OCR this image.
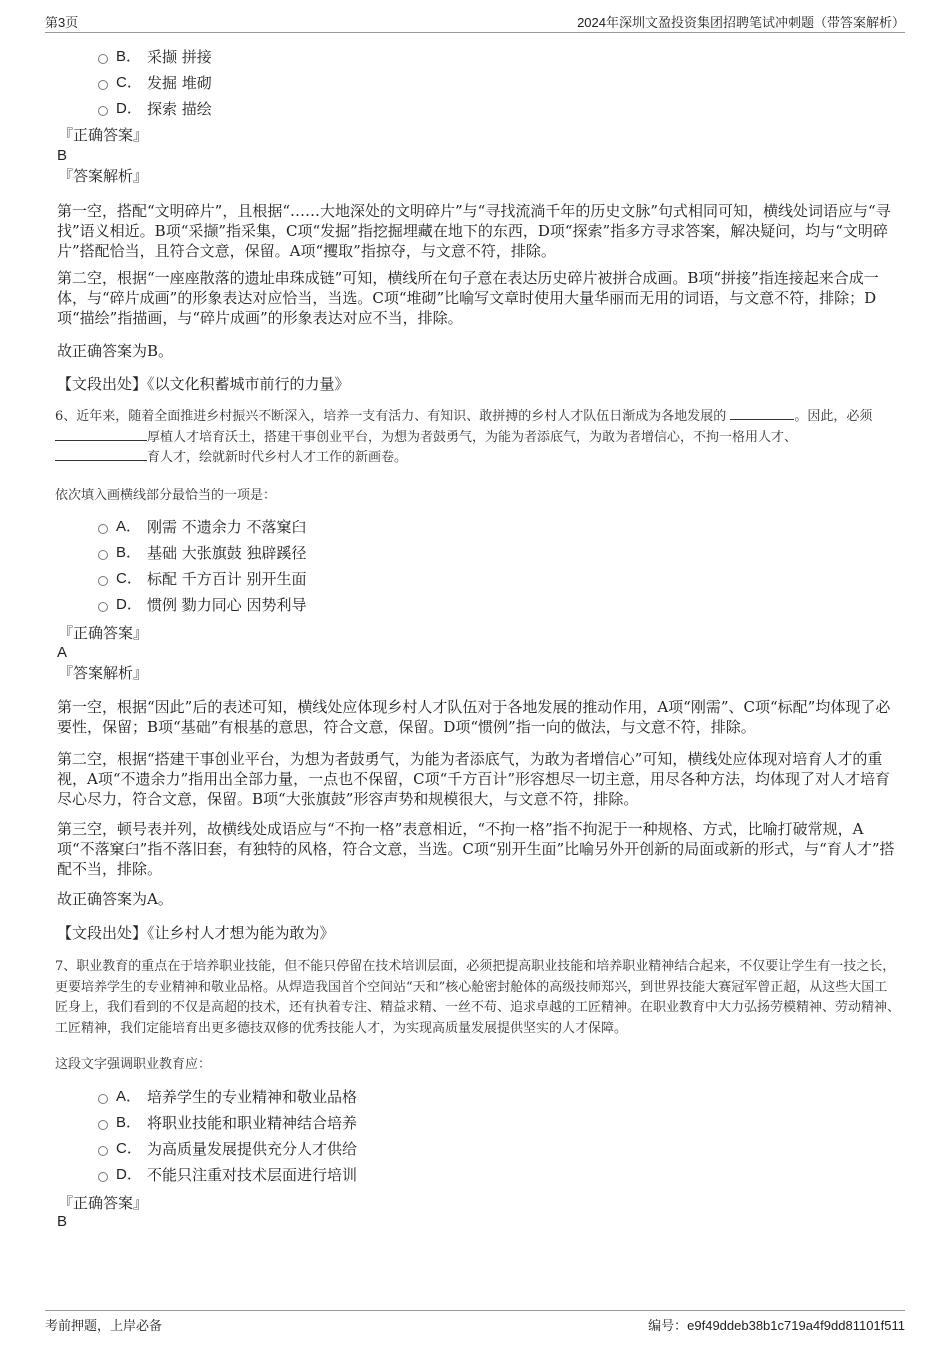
第3页	2024年深圳文盈投资集团招聘笔试冲刺题（带答案解析）
B． 采撷 拼接
C． 发掘 堆砌
D． 探索 描绘
『正确答案』
B
『答案解析』
第一空，搭配“文明碎片”，且根据“……大地深处的文明碎片”与“寻找流淌千年的历史文脉”句式相同可知，横线处词语应与“寻找”语义相近。B项“采撷”指采集，C项“发掘”指挖掘埋藏在地下的东西，D项“探索”指多方寻求答案，解决疑问，均与“文明碎片”搭配恰当，且符合文意，保留。A项“攫取”指掠夺，与文意不符，排除。
第二空，根据“一座座散落的遗址串珠成链”可知，横线所在句子意在表达历史碎片被拼合成画。B项“拼接”指连接起来合成一体，与“碎片成画”的形象表达对应恰当，当选。C项“堆砌”比喻写文章时使用大量华丽而无用的词语，与文意不符，排除；D项“描绘”指描画，与“碎片成画”的形象表达对应不当，排除。
故正确答案为B。
【文段出处】《以文化积蓄城市前行的力量》
6、近年来，随着全面推进乡村振兴不断深入，培养一支有活力、有知识、敢拼搏的乡村人才队伍日渐成为各地发展的	。因此，必须
厚植人才培育沃土，搭建干事创业平台，为想为者鼓勇气，为能为者添底气，为敢为者增信心，不拘一格用人才、
育人才，绘就新时代乡村人才工作的新画卷。
依次填入画横线部分最恰当的一项是：
A． 刚需 不遗余力 不落窠臼
B． 基础 大张旗鼓 独辟蹊径
C． 标配 千方百计 别开生面
D． 惯例 勠力同心 因势利导
『正确答案』
A
『答案解析』
第一空，根据“因此”后的表述可知，横线处应体现乡村人才队伍对于各地发展的推动作用，A项“刚需”、C项“标配”均体现了必要性，保留；B项“基础”有根基的意思，符合文意，保留。D项“惯例”指一向的做法，与文意不符，排除。
第二空，根据“搭建干事创业平台，为想为者鼓勇气，为能为者添底气，为敢为者增信心”可知，横线处应体现对培育人才的重视，A项“不遗余力”指用出全部力量，一点也不保留，C项“千方百计”形容想尽一切主意，用尽各种方法，均体现了对人才培育尽心尽力，符合文意，保留。B项“大张旗鼓”形容声势和规模很大，与文意不符，排除。
第三空，顿号表并列，故横线处成语应与“不拘一格”表意相近，“不拘一格”指不拘泥于一种规格、方式，比喻打破常规，A项“不落窠臼”指不落旧套，有独特的风格，符合文意，当选。C项“别开生面”比喻另外开创新的局面或新的形式，与“育人才”搭配不当，排除。
故正确答案为A。
【文段出处】《让乡村人才想为能为敢为》
7、职业教育的重点在于培养职业技能，但不能只停留在技术培训层面，必须把提高职业技能和培养职业精神结合起来，不仅要让学生有一技之长，更要培养学生的专业精神和敬业品格。从焊造我国首个空间站“天和”核心舱密封舱体的高级技师郑兴，到世界技能大赛冠军曾正超，从这些大国工匠身上，我们看到的不仅是高超的技术，还有执着专注、精益求精、一丝不苟、追求卓越的工匠精神。在职业教育中大力弘扬劳模精神、劳动精神、工匠精神，我们定能培育出更多德技双修的优秀技能人才，为实现高质量发展提供坚实的人才保障。
这段文字强调职业教育应：
A． 培养学生的专业精神和敬业品格
B． 将职业技能和职业精神结合培养
C． 为高质量发展提供充分人才供给
D． 不能只注重对技术层面进行培训
『正确答案』
B
考前押题，上岸必备	编号：e9f49ddeb38b1c719a4f9dd81101f511
